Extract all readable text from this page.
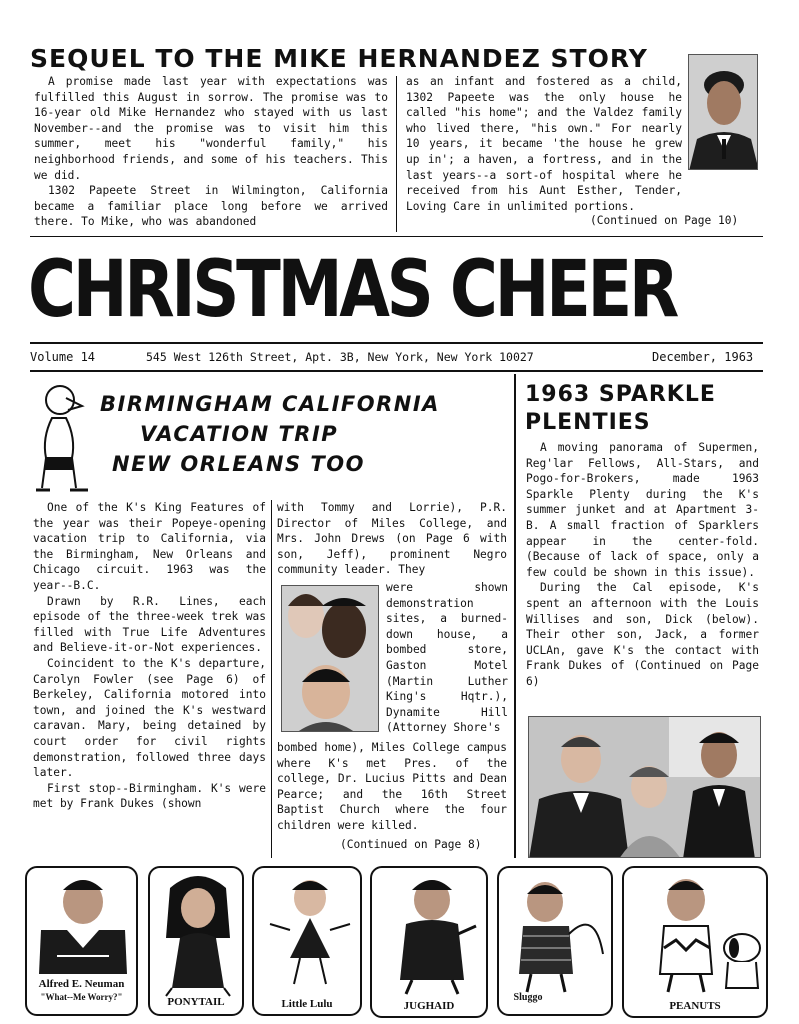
SEQUEL TO THE MIKE HERNANDEZ STORY

A promise made last year with expectations was fulfilled this August in sorrow. The promise was to 16-year old Mike Hernandez who stayed with us last November--and the promise was to visit him this summer, meet his "wonderful family," his neighborhood friends, and some of his teachers. This we did.

1302 Papeete Street in Wilmington, California became a familiar place long before we arrived there. To Mike, who was abandoned

as an infant and fostered as a child, 1302 Papeete was the only house he called "his home"; and the Valdez family who lived there, "his own." For nearly 10 years, it became 'the house he grew up in'; a haven, a fortress, and in the last years--a sort-of hospital where he received from his Aunt Esther, Tender, Loving Care in unlimited portions.

(Continued on Page 10)
CHRISTMAS CHEER
Volume 14	545 West 126th Street, Apt. 3B, New York, New York 10027	December, 1963
BIRMINGHAM CALIFORNIA
VACATION TRIP
NEW ORLEANS TOO

One of the K's King Features of the year was their Popeye-opening vacation trip to California, via the Birmingham, New Orleans and Chicago circuit. 1963 was the year--B.C.

Drawn by R.R. Lines, each episode of the three-week trek was filled with True Life Adventures and Believe-it-or-Not experiences.

Coincident to the K's departure, Carolyn Fowler (see Page 6) of Berkeley, California motored into town, and joined the K's westward caravan. Mary, being detained by court order for civil rights demonstration, followed three days later.

First stop--Birmingham. K's were met by Frank Dukes (shown

with Tommy and Lorrie), P.R. Director of Miles College, and Mrs. John Drews (on Page 6 with son, Jeff), prominent Negro community leader. They

were shown demonstration sites, a burned-down house, a bombed store, Gaston Motel (Martin Luther King's Hqtr.), Dynamite Hill (Attorney Shore's

bombed home), Miles College campus where K's met Pres. of the college, Dr. Lucius Pitts and Dean Pearce; and the 16th Street Baptist Church where the four children were killed.

(Continued on Page 8)
1963 SPARKLE
PLENTIES

A moving panorama of Supermen, Reg'lar Fellows, All-Stars, and Pogo-for-Brokers, made 1963 Sparkle Plenty during the K's summer junket and at Apartment 3-B. A small fraction of Sparklers appear in the center-fold. (Because of lack of space, only a few could be shown in this issue).

During the Cal episode, K's spent an afternoon with the Louis Willises and son, Dick (below). Their other son, Jack, a former UCLAn, gave K's the contact with Frank Dukes of (Continued on Page 6)

Alfred E. Neuman
"What--Me Worry?"	PONYTAIL	Little Lulu	JUGHAID
Sluggo
PEANUTS
